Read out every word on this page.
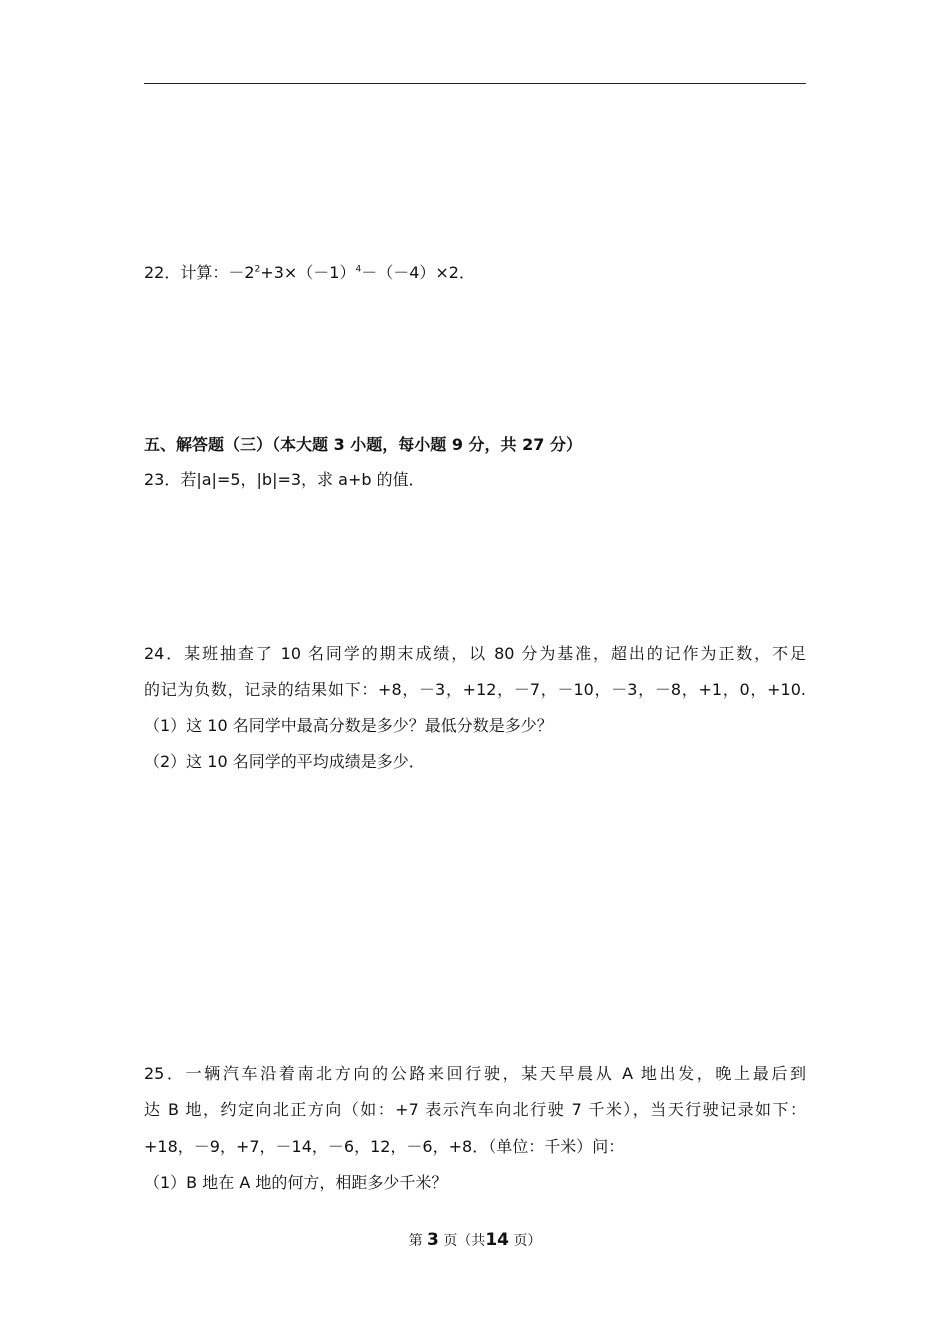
22．计算：$-2^2+3\times(-1)^4-(-4)\times 2$．
五、解答题（三）（本大题 3 小题，每小题 9 分，共 27 分）
23．若|a|=5，|b|=3，求 a+b 的值．
24．某班抽查了 10 名同学的期末成绩，以 80 分为基准，超出的记作为正数，不足
的记为负数，记录的结果如下：+8，－3，+12，－7，－10，－3，－8，+1，0，+10.
（1）这 10 名同学中最高分数是多少？最低分数是多少？
（2）这 10 名同学的平均成绩是多少．
25．一辆汽车沿着南北方向的公路来回行驶，某天早晨从 A 地出发，晚上最后到
达 B 地，约定向北正方向（如：+7 表示汽车向北行驶 7 千米），当天行驶记录如下：
+18，－9，+7，－14，－6，12，－6，+8．（单位：千米）问：
（1）B 地在 A 地的何方，相距多少千米？
第 3 页（共14 页）
